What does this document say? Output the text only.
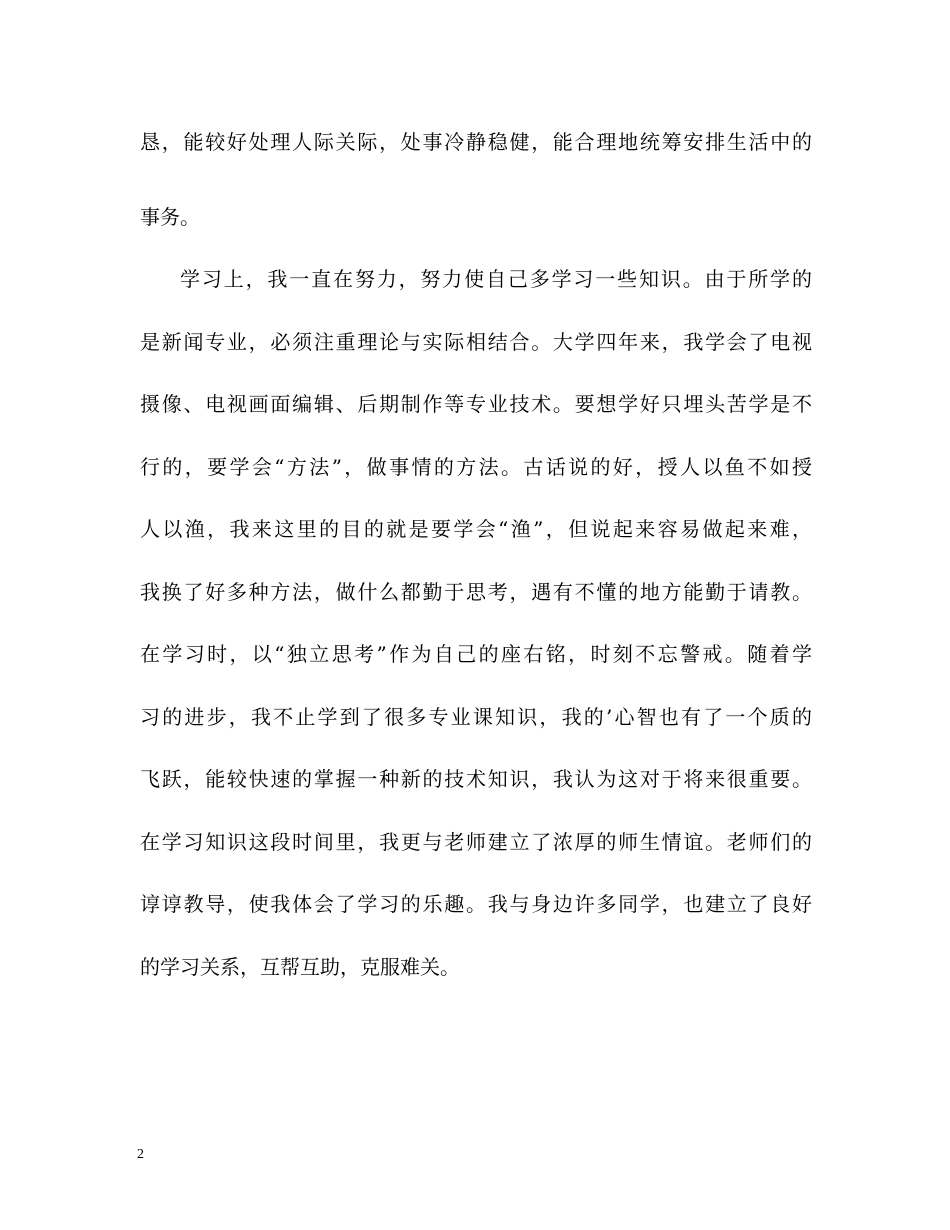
恳，能较好处理人际关际，处事冷静稳健，能合理地统筹安排生活中的
事务。
学习上，我一直在努力，努力使自己多学习一些知识。由于所学的
是新闻专业，必须注重理论与实际相结合。大学四年来，我学会了电视
摄像、电视画面编辑、后期制作等专业技术。要想学好只埋头苦学是不
行的，要学会“方法”，做事情的方法。古话说的好，授人以鱼不如授
人以渔，我来这里的目的就是要学会“渔”，但说起来容易做起来难，
我换了好多种方法，做什么都勤于思考，遇有不懂的地方能勤于请教。
在学习时，以“独立思考”作为自己的座右铭，时刻不忘警戒。随着学
习的进步，我不止学到了很多专业课知识，我的’心智也有了一个质的
飞跃，能较快速的掌握一种新的技术知识，我认为这对于将来很重要。
在学习知识这段时间里，我更与老师建立了浓厚的师生情谊。老师们的
谆谆教导，使我体会了学习的乐趣。我与身边许多同学，也建立了良好
的学习关系，互帮互助，克服难关。
2
